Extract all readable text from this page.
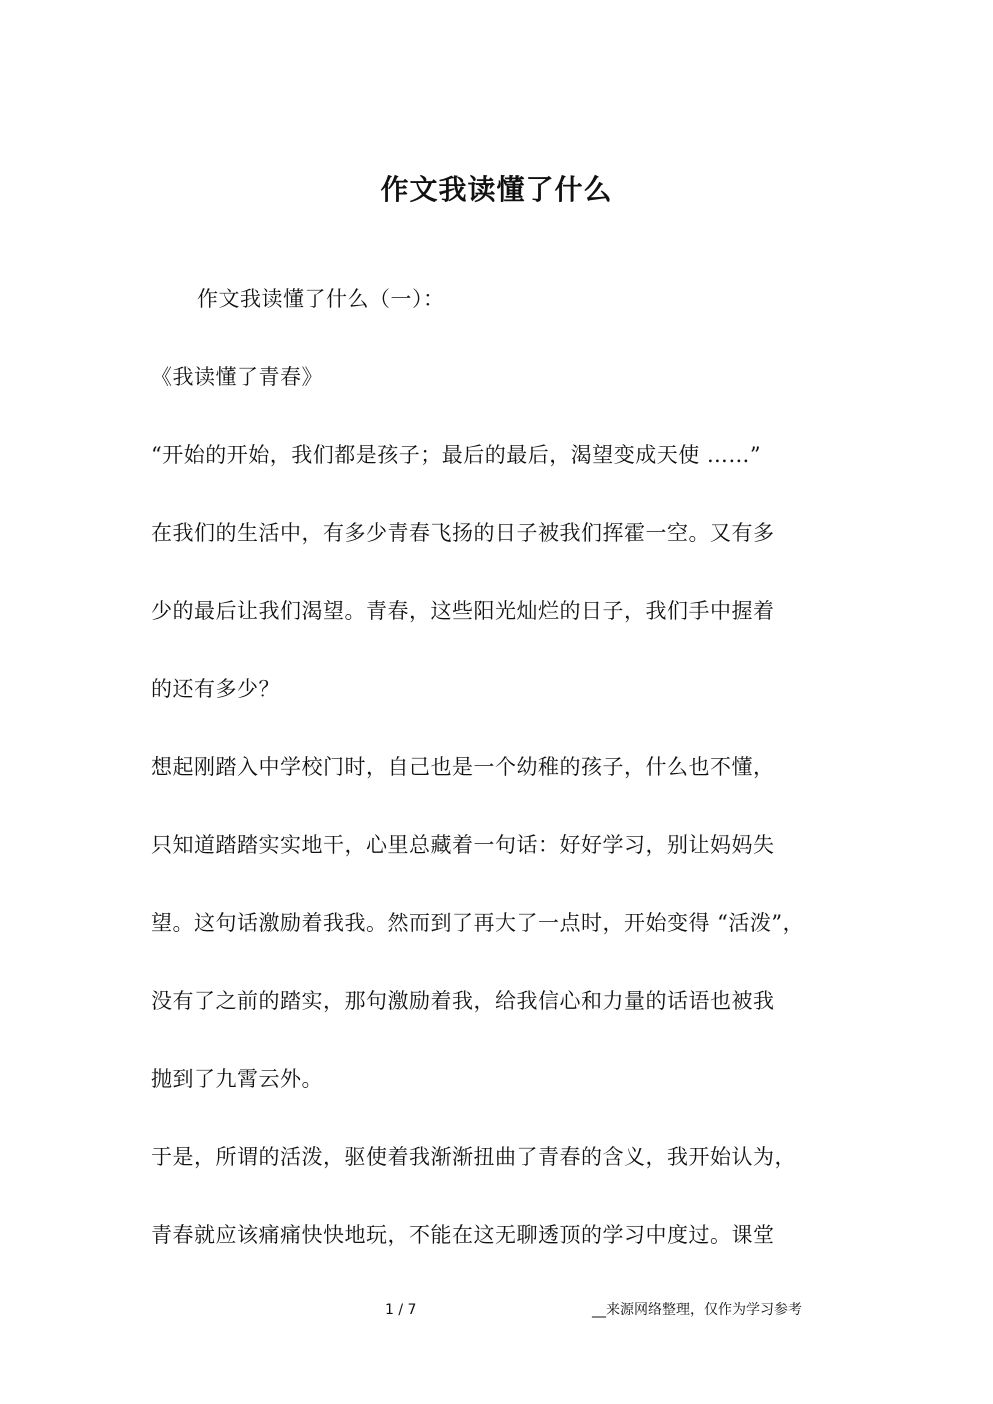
作文我读懂了什么
作文我读懂了什么（一）：
《我读懂了青春》
“开始的开始，我们都是孩子；最后的最后，渴望变成天使 ……”
在我们的生活中，有多少青春飞扬的日子被我们挥霍一空。又有多
少的最后让我们渴望。青春，这些阳光灿烂的日子，我们手中握着
的还有多少？
想起刚踏入中学校门时，自己也是一个幼稚的孩子，什么也不懂，
只知道踏踏实实地干，心里总藏着一句话：好好学习，别让妈妈失
望。这句话激励着我我。然而到了再大了一点时，开始变得 “活泼”，
没有了之前的踏实，那句激励着我，给我信心和力量的话语也被我
抛到了九霄云外。
于是，所谓的活泼，驱使着我渐渐扭曲了青春的含义，我开始认为，
青春就应该痛痛快快地玩，不能在这无聊透顶的学习中度过。课堂
1 / 7	__来源网络整理，仅作为学习参考
